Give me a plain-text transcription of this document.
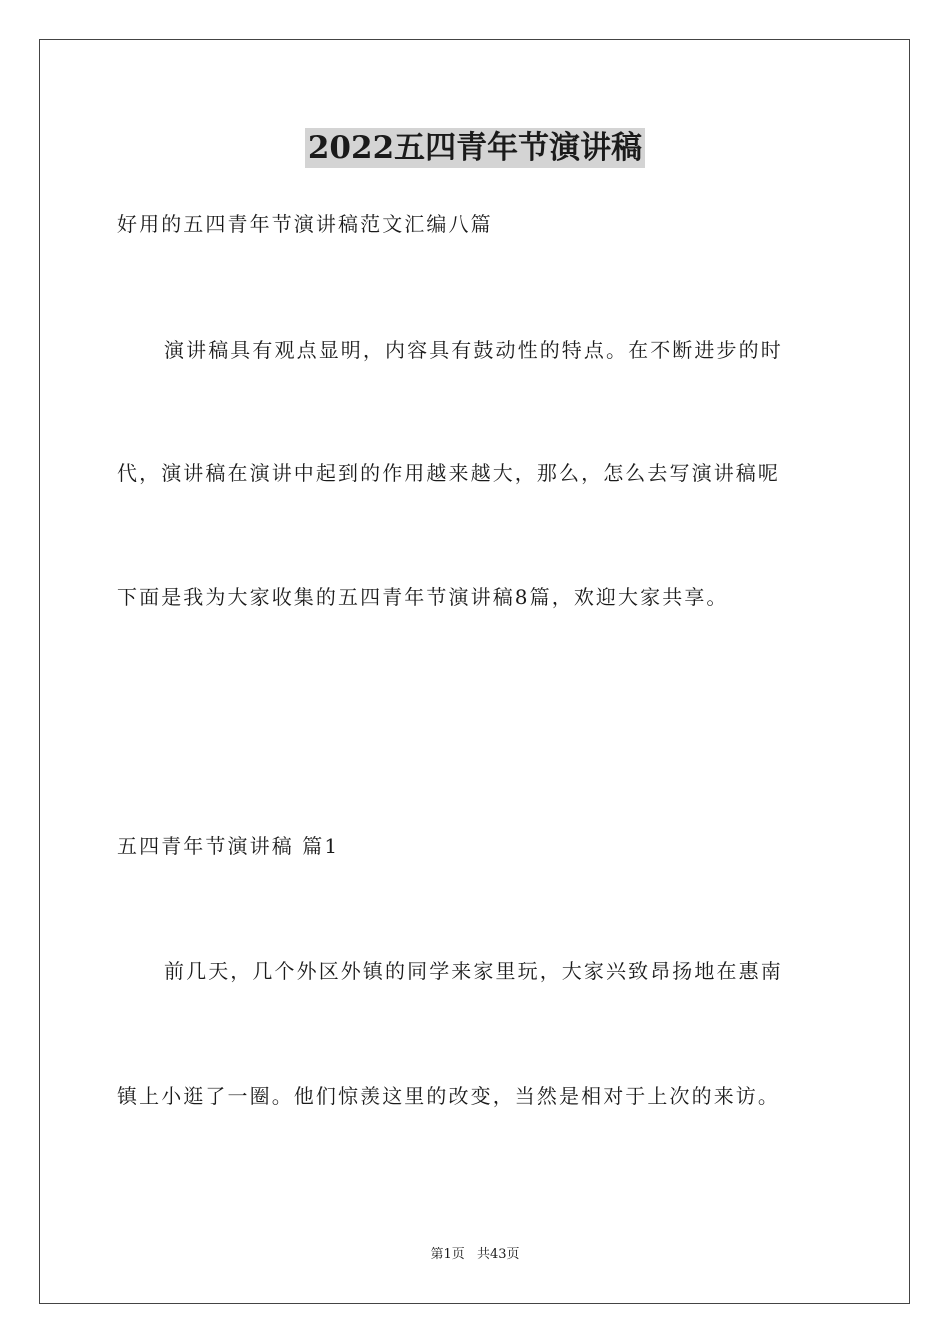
2022五四青年节演讲稿
好用的五四青年节演讲稿范文汇编八篇
演讲稿具有观点显明，内容具有鼓动性的特点。在不断进步的时
代，演讲稿在演讲中起到的作用越来越大，那么，怎么去写演讲稿呢
下面是我为大家收集的五四青年节演讲稿8篇，欢迎大家共享。
五四青年节演讲稿 篇1
前几天，几个外区外镇的同学来家里玩，大家兴致昂扬地在惠南
镇上小逛了一圈。他们惊羡这里的改变，当然是相对于上次的来访。
第1页 共43页
